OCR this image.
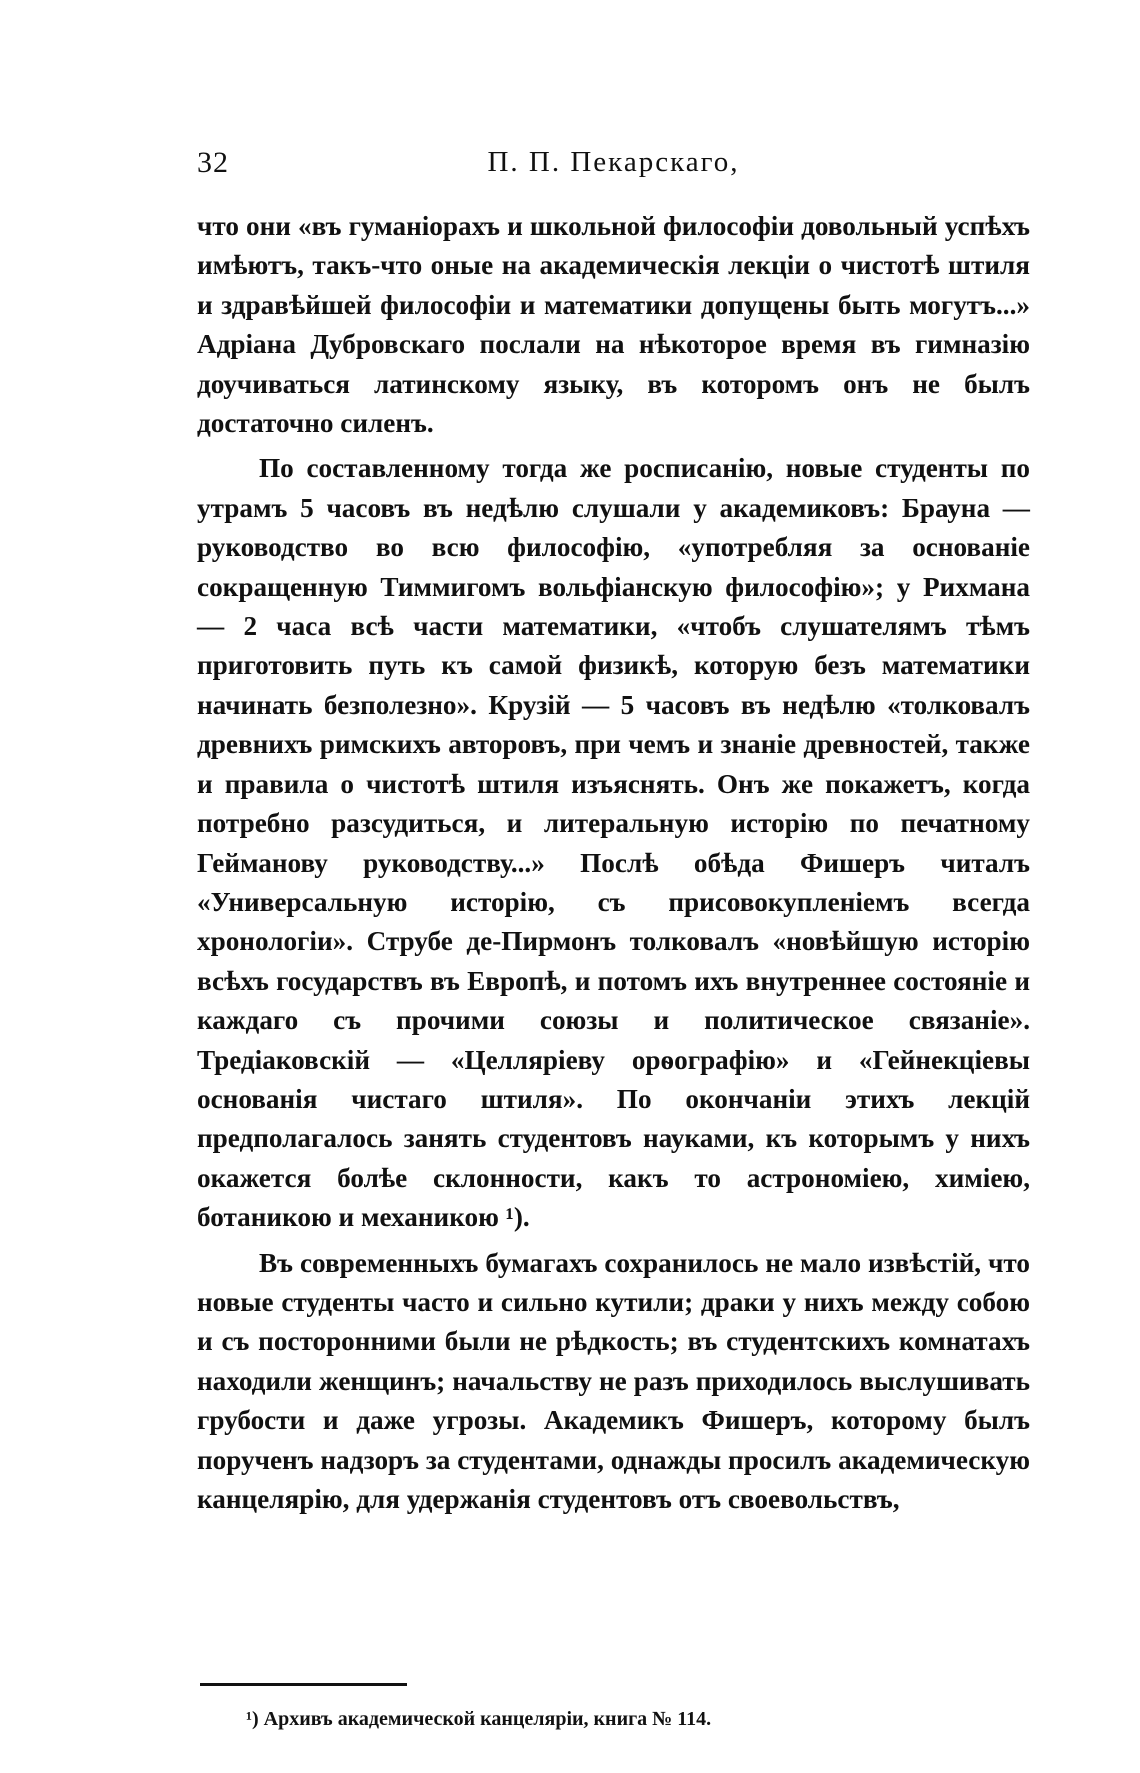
32	П. П. Пекарскаго,

что они «въ гуманіорахъ и школьной философіи довольный успѣхъ имѣютъ, такъ-что оные на академическія лекціи о чистотѣ штиля и здравѣйшей философіи и математики допущены быть могутъ...» Адріана Дубровскаго послали на нѣкоторое время въ гимназію доучиваться латинскому языку, въ которомъ онъ не былъ достаточно силенъ.

По составленному тогда же росписанію, новые студенты по утрамъ 5 часовъ въ недѣлю слушали у академиковъ: Брауна — руководство во всю философію, «употребляя за основаніе сокращенную Тиммигомъ вольфіанскую философію»; у Рихмана — 2 часа всѣ части математики, «чтобъ слушателямъ тѣмъ приготовить путь къ самой физикѣ, которую безъ математики начинать безполезно». Крузій — 5 часовъ въ недѣлю «толковалъ древнихъ римскихъ авторовъ, при чемъ и знаніе древностей, также и правила о чистотѣ штиля изъяснять. Онъ же покажетъ, когда потребно разсудиться, и литеральную исторію по печатному Гейманову руководству...» Послѣ обѣда Фишеръ читалъ «Универсальную исторію, съ присовокупленіемъ всегда хронологіи». Струбе де-Пирмонъ толковалъ «новѣйшую исторію всѣхъ государствъ въ Европѣ, и потомъ ихъ внутреннее состояніе и каждаго съ прочими союзы и политическое связаніе». Тредіаковскій — «Целляріеву орѳографію» и «Гейнекціевы основанія чистаго штиля». По окончаніи этихъ лекцій предполагалось занять студентовъ науками, къ которымъ у нихъ окажется болѣе склонности, какъ то астрономіею, химіею, ботаникою и механикою ¹).

Въ современныхъ бумагахъ сохранилось не мало извѣстій, что новые студенты часто и сильно кутили; драки у нихъ между собою и съ посторонними были не рѣдкость; въ студентскихъ комнатахъ находили женщинъ; начальству не разъ приходилось выслушивать грубости и даже угрозы. Академикъ Фишеръ, которому былъ порученъ надзоръ за студентами, однажды просилъ академическую канцелярію, для удержанія студентовъ отъ своевольствъ,

¹) Архивъ академической канцеляріи, книга № 114.
